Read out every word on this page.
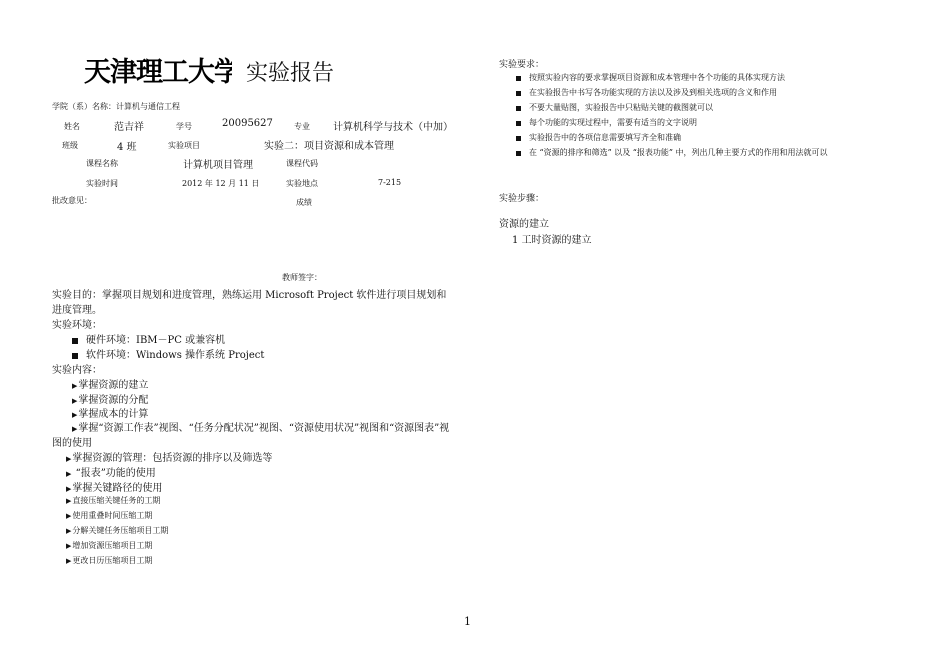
天津理工大学 实验报告
学院（系）名称：计算机与通信工程
姓名	范吉祥	学号	20095627	专业 计算机科学与技术（中加）
班级	4 班	实验项目	实验二：项目资源和成本管理
课程名称	计算机项目管理	课程代码
实验时间	2012 年 12 月 11 日	实验地点	7-215
批改意见：	成绩
教师签字：
实验目的：掌握项目规划和进度管理，熟练运用 Microsoft Project 软件进行项目规划和
进度管理。
实验环境：
硬件环境：IBM－PC 或兼容机
软件环境：Windows 操作系统 Project
实验内容：
▶掌握资源的建立
▶掌握资源的分配
▶掌握成本的计算
▶掌握“资源工作表”视图、“任务分配状况”视图、“资源使用状况”视图和“资源图表”视
图的使用
▶掌握资源的管理：包括资源的排序以及筛选等
▶ “报表”功能的使用
▶掌握关键路径的使用
▶直接压缩关键任务的工期
▶使用重叠时间压缩工期
▶分解关键任务压缩项目工期
▶增加资源压缩项目工期
▶更改日历压缩项目工期
实验要求：
按照实验内容的要求掌握项目资源和成本管理中各个功能的具体实现方法
在实验报告中书写各功能实现的方法以及涉及到相关选项的含义和作用
不要大量贴图，实验报告中只粘贴关键的截图就可以
每个功能的实现过程中，需要有适当的文字说明
实验报告中的各项信息需要填写齐全和准确
在 “资源的排序和筛选” 以及 “报表功能” 中，列出几种主要方式的作用和用法就可以
实验步骤：
资源的建立
1 工时资源的建立
1
